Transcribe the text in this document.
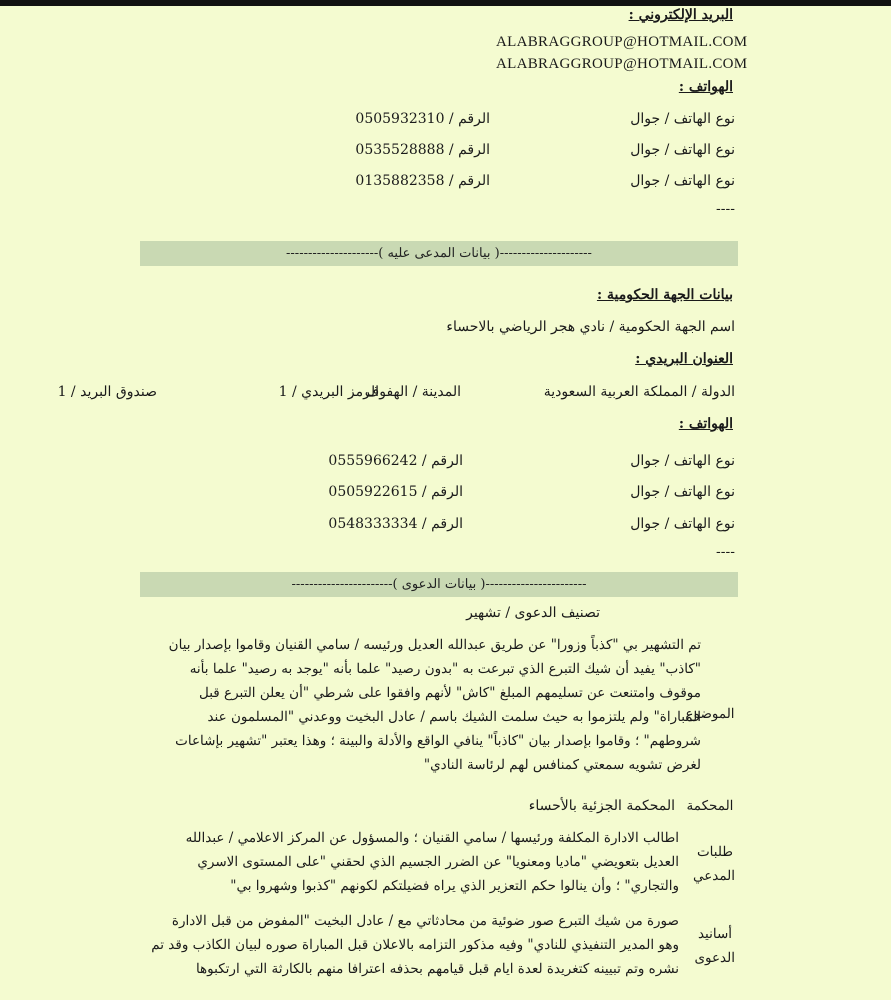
البريد الإلكتروني :
ALABRAGGROUP@HOTMAIL.COM
ALABRAGGROUP@HOTMAIL.COM
الهواتف :
نوع الهاتف / جوال
الرقم / 0505932310
نوع الهاتف / جوال
الرقم / 0535528888
نوع الهاتف / جوال
الرقم / 0135882358
----
---------------------( بيانات المدعى عليه )---------------------
بيانات الجهة الحكومية :
اسم الجهة الحكومية / نادي هجر الرياضي بالاحساء
العنوان البريدي :
الدولة / المملكة العربية السعودية
المدينة / الهفوف
الرمز البريدي / 1
صندوق البريد / 1
الهواتف :
نوع الهاتف / جوال
الرقم / 0555966242
نوع الهاتف / جوال
الرقم / 0505922615
نوع الهاتف / جوال
الرقم / 0548333334
----
-----------------------( بيانات الدعوى )-----------------------
تصنيف الدعوى / تشهير
تم التشهير بي "كذباً وزورا" عن طريق عبدالله العديل ورئيسه / سامي القنيان وقاموا بإصدار بيان "كاذب" يفيد أن شيك التبرع الذي تبرعت به "بدون رصيد" علما بأنه "يوجد به رصيد" علما بأنه موقوف وامتنعت عن تسليمهم المبلغ "كاش" لأنهم وافقوا على شرطي "أن يعلن التبرع قبل المباراة" ولم يلتزموا به حيث سلمت الشيك باسم / عادل البخيت ووعدني "المسلمون عند شروطهم" ؛ وقاموا بإصدار بيان "كاذباً" ينافي الواقع والأدلة والبينة ؛ وهذا يعتبر "تشهير بإشاعات لغرض تشويه سمعتي كمنافس لهم لرئاسة النادي"
الموضوع
المحكمة
المحكمة الجزئية بالأحساء
طلبات المدعي
اطالب الادارة المكلفة ورئيسها / سامي القنيان ؛ والمسؤول عن المركز الاعلامي / عبدالله العديل بتعويضي "ماديا ومعنويا" عن الضرر الجسيم الذي لحقني "على المستوى الاسري والتجاري" ؛ وأن ينالوا حكم التعزير الذي يراه فضيلتكم لكونهم "كذبوا وشهروا بي"
أسانيد الدعوى
صورة من شيك التبرع صور ضوئية من محادثاتي مع / عادل البخيت "المفوض من قبل الادارة وهو المدير التنفيذي للنادي" وفيه مذكور التزامه بالاعلان قبل المباراة صوره لبيان الكاذب وقد تم نشره وتم تبيينه كتغريدة لعدة ايام قبل قيامهم بحذفه اعترافا منهم بالكارثة التي ارتكبوها
